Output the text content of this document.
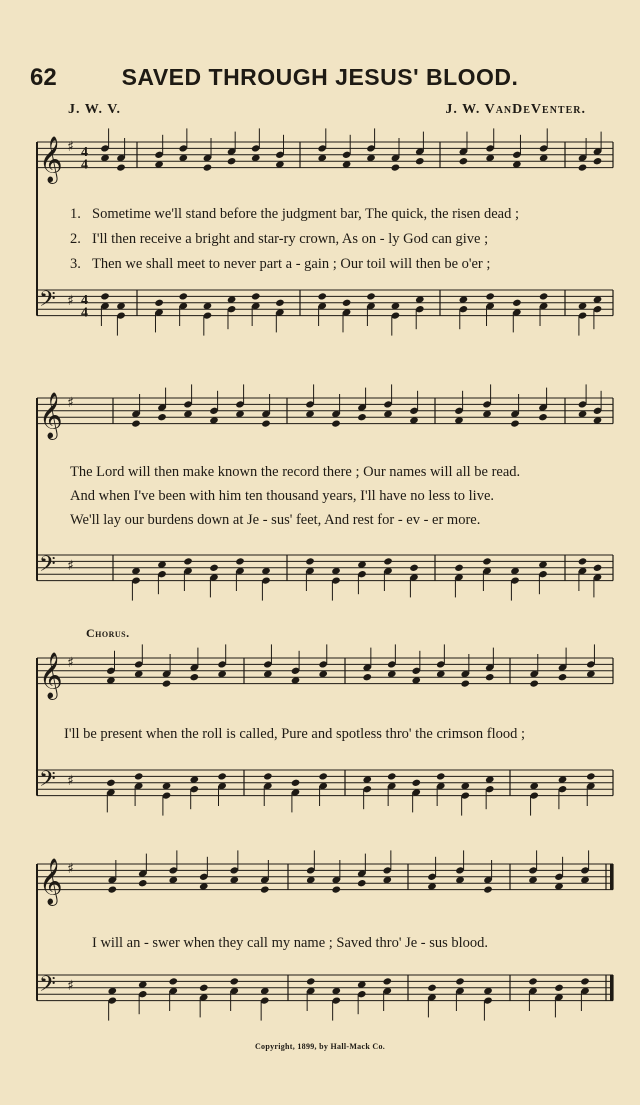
62	SAVED THROUGH JESUS' BLOOD.
J. W. V.	J. W. VanDeVenter.
𝄞 ♯
𝄢 ♯
4
4
4
4
𝄞 ♯
𝄢 ♯
𝄞 ♯
𝄢 ♯
𝄞 ♯
𝄢 ♯
1. Sometime we'll stand before the judgment bar, The quick, the risen dead ;
2. I'll then receive a bright and star-ry crown, As on - ly God can give ;
3. Then we shall meet to never part a - gain ; Our toil will then be o'er ;
The Lord will then make known the record there ; Our names will all be read.
And when I've been with him ten thousand years, I'll have no less to live.
We'll lay our burdens down at Je - sus' feet, And rest for - ev - er more.
Chorus.
I'll be present when the roll is called, Pure and spotless thro' the crimson flood ;
I will an - swer when they call my name ; Saved thro' Je - sus blood.
Copyright, 1899, by Hall-Mack Co.
